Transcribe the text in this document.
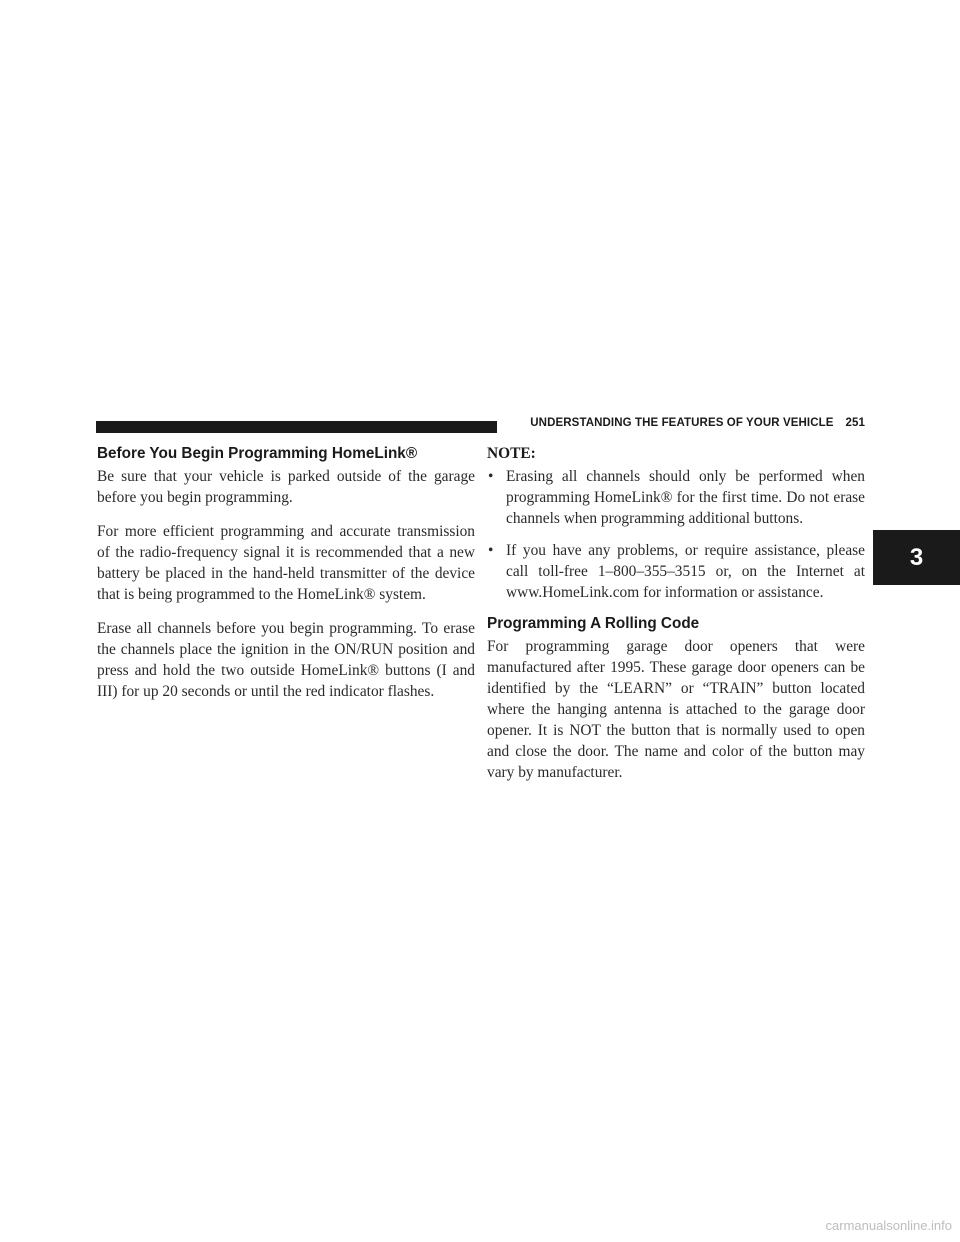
UNDERSTANDING THE FEATURES OF YOUR VEHICLE 251
Before You Begin Programming HomeLink®

Be sure that your vehicle is parked outside of the garage before you begin programming.

For more efficient programming and accurate transmission of the radio-frequency signal it is recommended that a new battery be placed in the hand-held transmitter of the device that is being programmed to the HomeLink® system.

Erase all channels before you begin programming. To erase the channels place the ignition in the ON/RUN position and press and hold the two outside HomeLink® buttons (I and III) for up 20 seconds or until the red indicator flashes.

NOTE:
• Erasing all channels should only be performed when programming HomeLink® for the first time. Do not erase channels when programming additional buttons.
• If you have any problems, or require assistance, please call toll-free 1–800–355–3515 or, on the Internet at www.HomeLink.com for information or assistance.
Programming A Rolling Code

For programming garage door openers that were manufactured after 1995. These garage door openers can be identified by the “LEARN” or “TRAIN” button located where the hanging antenna is attached to the garage door opener. It is NOT the button that is normally used to open and close the door. The name and color of the button may vary by manufacturer.

3
carmanualsonline.info
